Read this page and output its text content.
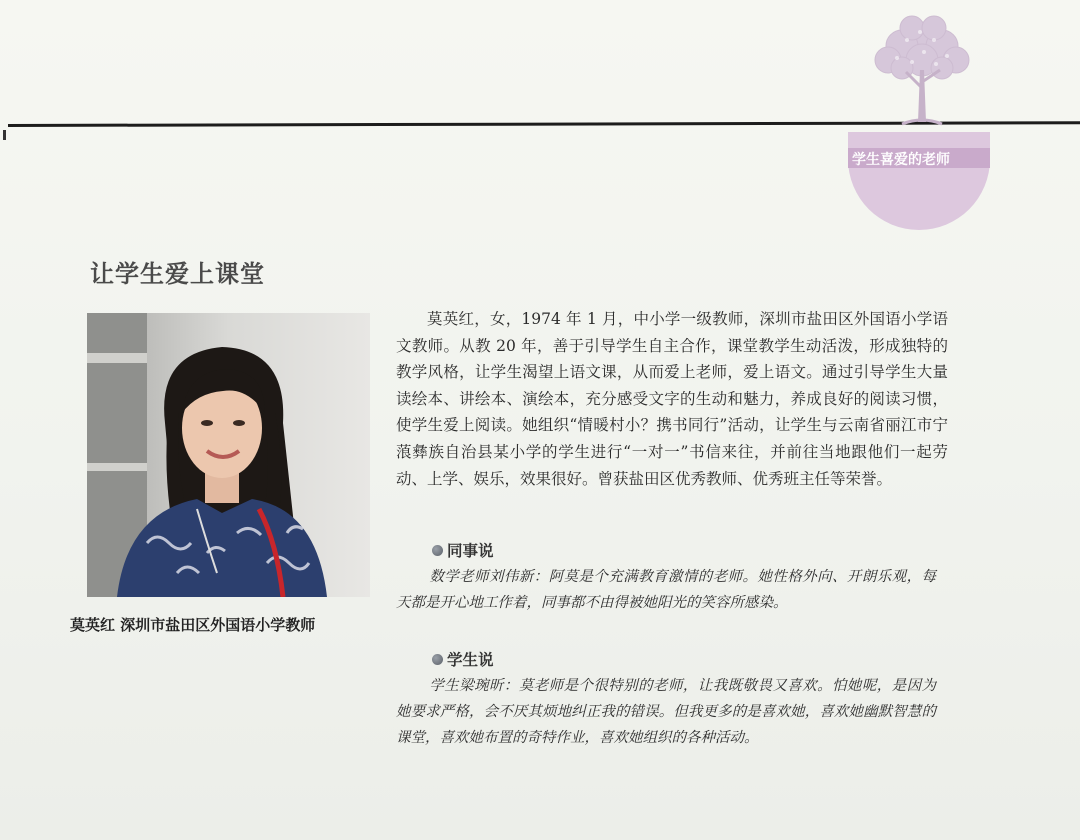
学生喜爱的老师
让学生爱上课堂
莫英红 深圳市盐田区外国语小学教师

莫英红，女，1974 年 1 月，中小学一级教师，深圳市盐田区外国语小学语文教师。从教 20 年，善于引导学生自主合作，课堂教学生动活泼，形成独特的教学风格，让学生渴望上语文课，从而爱上老师，爱上语文。通过引导学生大量读绘本、讲绘本、演绘本，充分感受文字的生动和魅力，养成良好的阅读习惯，使学生爱上阅读。她组织“情暖村小？携书同行”活动，让学生与云南省丽江市宁蒗彝族自治县某小学的学生进行“一对一”书信来往，并前往当地跟他们一起劳动、上学、娱乐，效果很好。曾获盐田区优秀教师、优秀班主任等荣誉。

同事说

数学老师刘伟新：阿莫是个充满教育激情的老师。她性格外向、开朗乐观，每天都是开心地工作着，同事都不由得被她阳光的笑容所感染。

学生说

学生梁琬昕：莫老师是个很特别的老师，让我既敬畏又喜欢。怕她呢，是因为她要求严格，会不厌其烦地纠正我的错误。但我更多的是喜欢她，喜欢她幽默智慧的课堂，喜欢她布置的奇特作业，喜欢她组织的各种活动。
